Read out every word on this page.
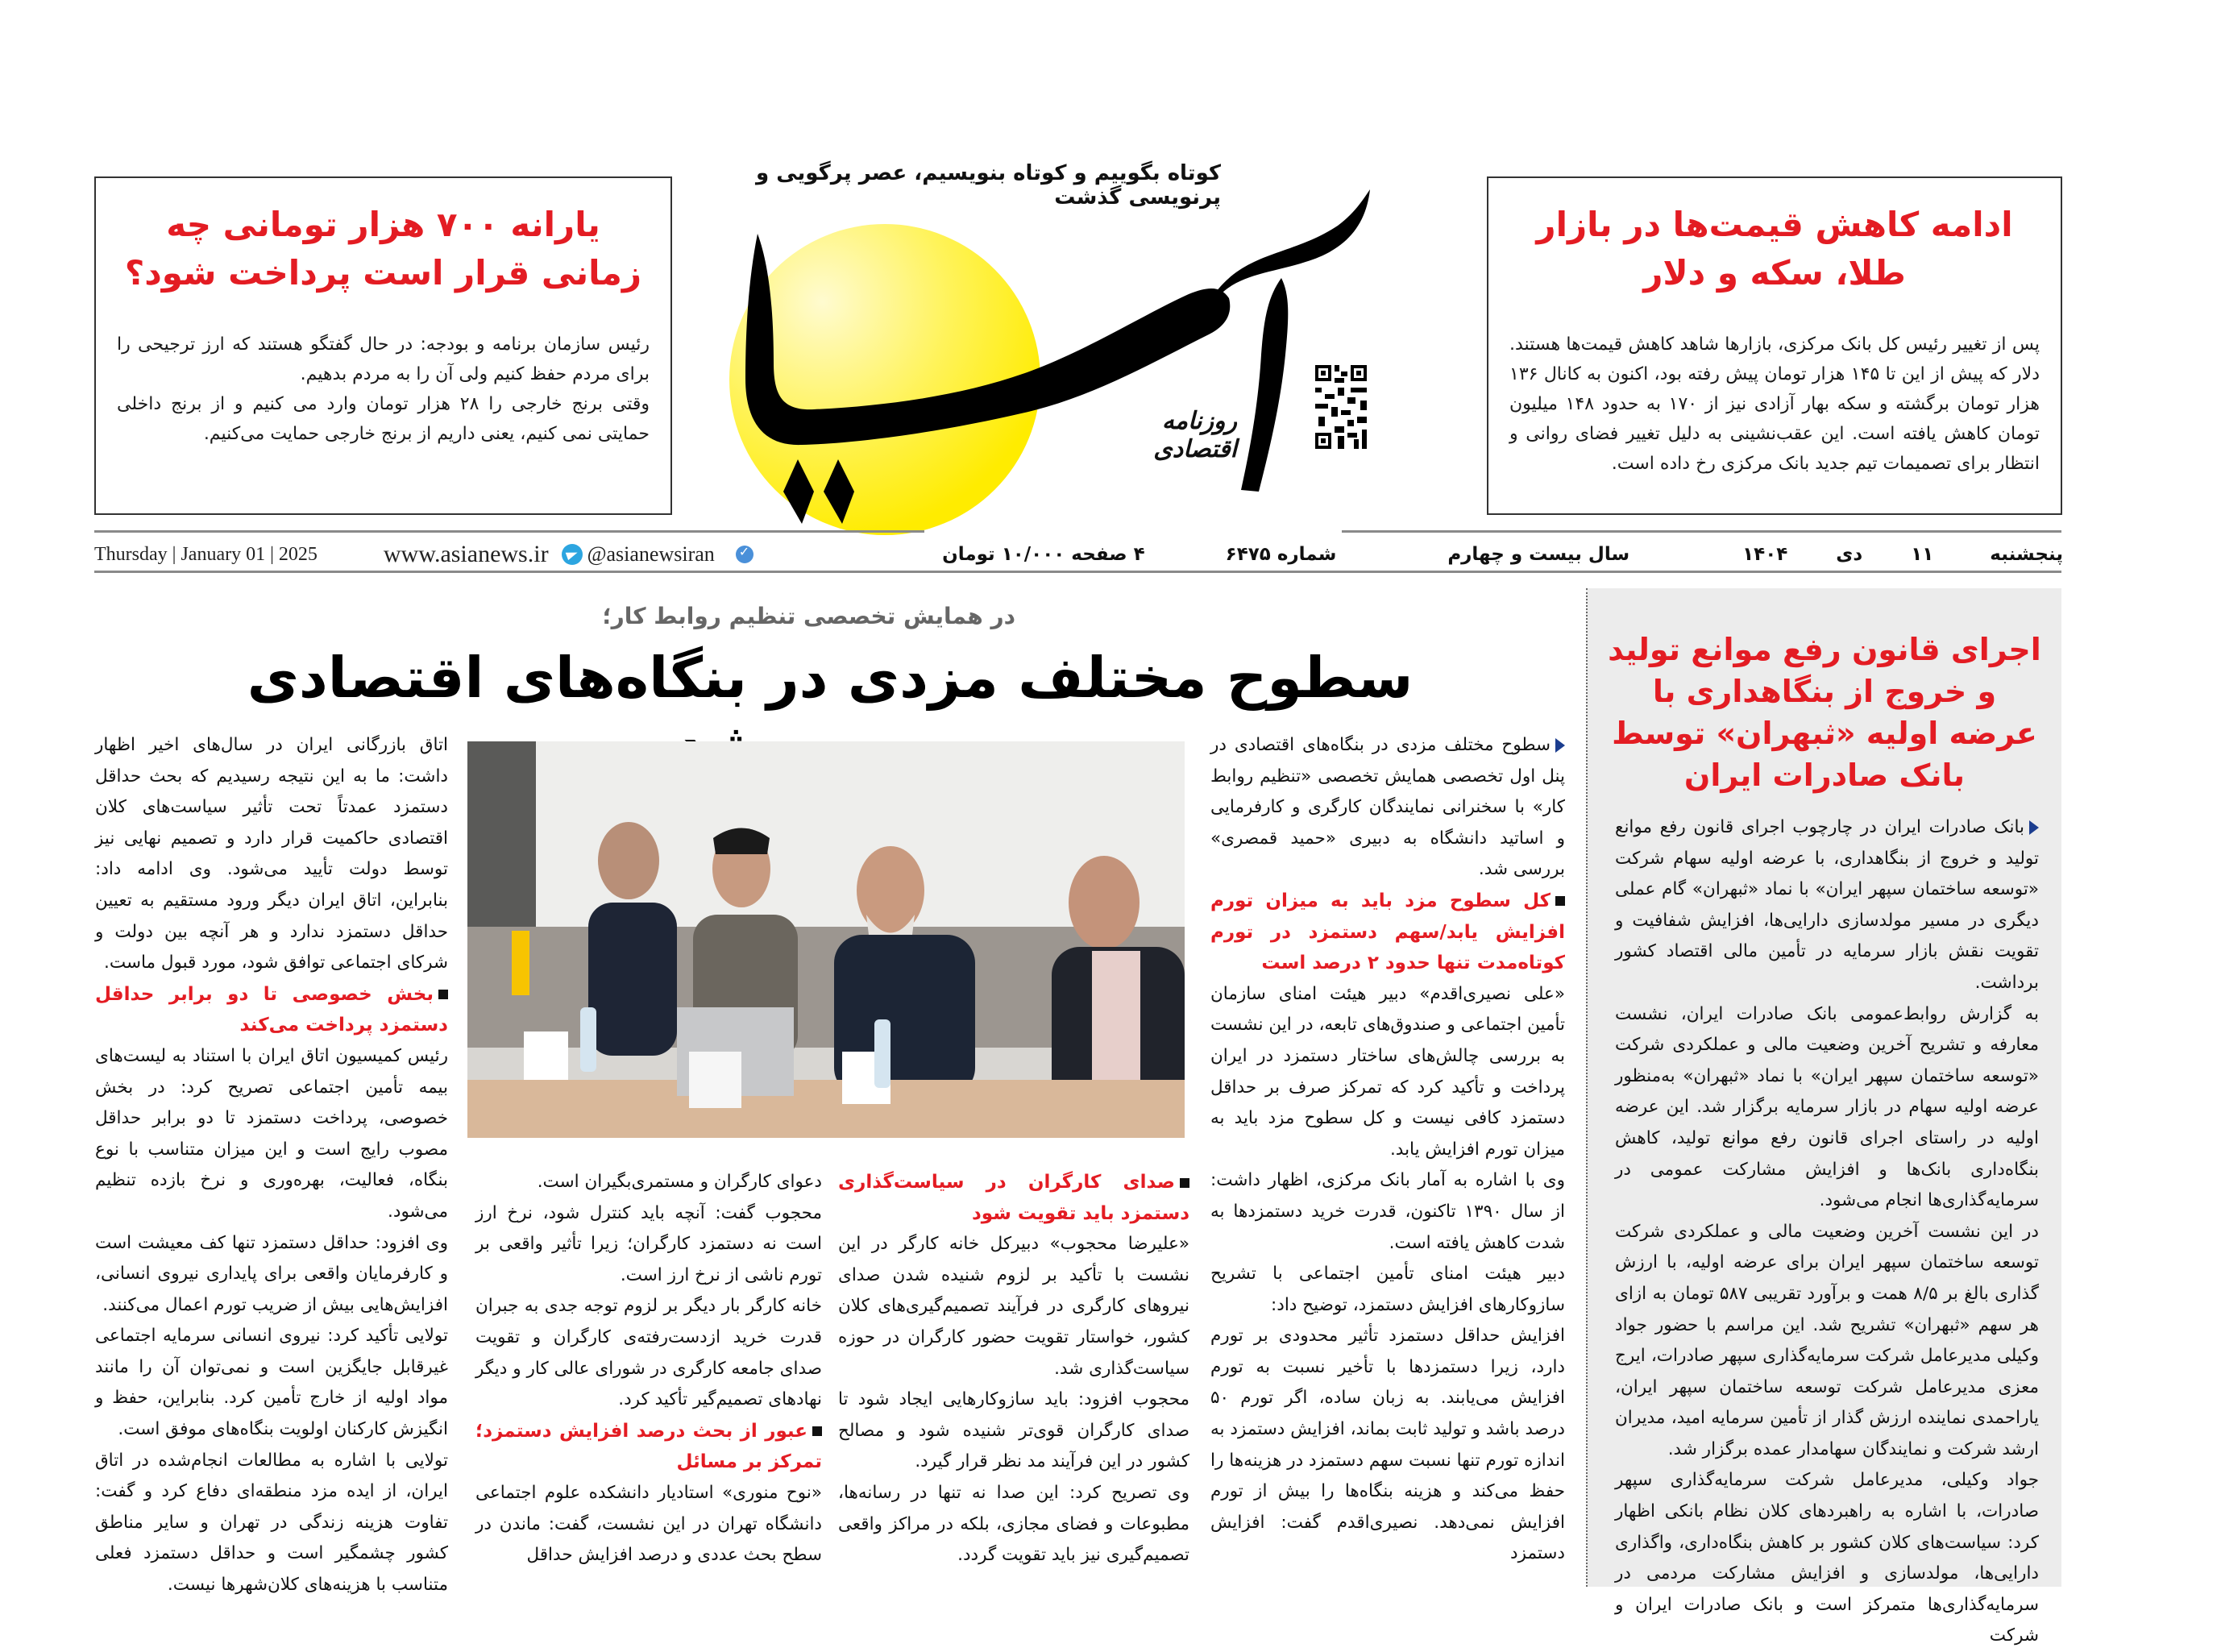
ادامه کاهش قیمت‌ها در بازار طلا، سکه و دلار
پس از تغییر رئیس کل بانک مرکزی، بازارها شاهد کاهش قیمت‌ها هستند. دلار که پیش از این تا ۱۴۵ هزار تومان پیش رفته بود، اکنون به کانال ۱۳۶ هزار تومان برگشته و سکه بهار آزادی نیز از ۱۷۰ به حدود ۱۴۸ میلیون تومان کاهش یافته است. این عقب‌نشینی به دلیل تغییر فضای روانی و انتظار برای تصمیمات تیم جدید بانک مرکزی رخ داده است.
یارانه ۷۰۰ هزار تومانی چه زمانی قرار است پرداخت شود؟
رئیس سازمان برنامه و بودجه: در حال گفتگو هستند که ارز ترجیحی را برای مردم حفظ کنیم ولی آن را به مردم بدهیم.
وقتی برنج خارجی را ۲۸ هزار تومان وارد می کنیم و از برنج داخلی حمایتی نمی کنیم، یعنی داریم از برنج خارجی حمایت می‌کنیم.
کوتاه بگوییم و کوتاه بنویسیم، عصر پرگویی و پرنویسی گذشت
روزنامه اقتصادی
Thursday | January 01 | 2025	www.asianews.ir @asianewsiran ✓	پنجشنبه
۱۱
دی
۱۴۰۴
سال بیست و چهارم
شماره ۶۴۷۵
۴ صفحه ۱۰/۰۰۰ تومان
در همایش تخصصی تنظیم روابط کار؛
سطوح مختلف مزدی در بنگاه‌های اقتصادی

سطوح مختلف مزدی در بنگاه‌های اقتصادی در پنل اول تخصصی همایش تخصصی «تنظیم روابط کار» با سخنرانی نمایندگان کارگری و کارفرمایی و اساتید دانشگاه به دبیری «حمید قمصری» بررسی شد.

کل سطوح مزد باید به میزان تورم افزایش یابد/سهم دستمزد در تورم کوتاه‌مدت تنها حدود ۲ درصد است

«علی نصیری‌اقدم» دبیر هیئت امنای سازمان تأمین اجتماعی و صندوق‌های تابعه، در این نشست به بررسی چالش‌های ساختار دستمزد در ایران پرداخت و تأکید کرد که تمرکز صرف بر حداقل دستمزد کافی نیست و کل سطوح مزد باید به میزان تورم افزایش یابد.

وی با اشاره به آمار بانک مرکزی، اظهار داشت: از سال ۱۳۹۰ تاکنون، قدرت خرید دستمزدها به شدت کاهش یافته است.

دبیر هیئت امنای تأمین اجتماعی با تشریح سازوکارهای افزایش دستمزد، توضیح داد:

افزایش حداقل دستمزد تأثیر محدودی بر تورم دارد، زیرا دستمزدها با تأخیر نسبت به تورم افزایش می‌یابند. به زبان ساده، اگر تورم ۵۰ درصد باشد و تولید ثابت بماند، افزایش دستمزد به اندازه تورم تنها نسبت سهم دستمزد در هزینه‌ها را حفظ می‌کند و هزینه بنگاه‌ها را بیش از تورم افزایش نمی‌دهد. نصیری‌اقدم گفت: افزایش دستمزد

صدای کارگران در سیاست‌گذاری دستمزد باید تقویت شود

«علیرضا محجوب» دبیرکل خانه کارگر در این نشست با تأکید بر لزوم شنیده شدن صدای نیروهای کارگری در فرآیند تصمیم‌گیری‌های کلان کشور، خواستار تقویت حضور کارگران در حوزه سیاست‌گذاری شد.

محجوب افزود: باید سازوکارهایی ایجاد شود تا صدای کارگران قوی‌تر شنیده شود و مصالح کشور در این فرآیند مد نظر قرار گیرد.

وی تصریح کرد: این صدا نه تنها در رسانه‌ها، مطبوعات و فضای مجازی، بلکه در مراکز واقعی تصمیم‌گیری نیز باید تقویت گردد.

دعوای کارگران و مستمری‌بگیران است.

محجوب گفت: آنچه باید کنترل شود، نرخ ارز است نه دستمزد کارگران؛ زیرا تأثیر واقعی بر تورم ناشی از نرخ ارز است.

خانه کارگر بار دیگر بر لزوم توجه جدی به جبران قدرت خرید ازدست‌رفته‌ی کارگران و تقویت صدای جامعه کارگری در شورای عالی کار و دیگر نهادهای تصمیم‌گیر تأکید کرد.

عبور از بحث درصد افزایش دستمزد؛ تمرکز بر مسائل

«نوح منوری» استادیار دانشکده علوم اجتماعی دانشگاه تهران در این نشست، گفت: ماندن در سطح بحث عددی و درصد افزایش حداقل

اتاق بازرگانی ایران در سال‌های اخیر اظهار داشت: ما به این نتیجه رسیدیم که بحث حداقل دستمزد عمدتاً تحت تأثیر سیاست‌های کلان اقتصادی حاکمیت قرار دارد و تصمیم نهایی نیز توسط دولت تأیید می‌شود. وی ادامه داد: بنابراین، اتاق ایران دیگر ورود مستقیم به تعیین حداقل دستمزد ندارد و هر آنچه بین دولت و شرکای اجتماعی توافق شود، مورد قبول ماست.

بخش خصوصی تا دو برابر حداقل دستمزد پرداخت می‌کند

رئیس کمیسیون اتاق ایران با استناد به لیست‌های بیمه تأمین اجتماعی تصریح کرد: در بخش خصوصی، پرداخت دستمزد تا دو برابر حداقل مصوب رایج است و این میزان متناسب با نوع بنگاه، فعالیت، بهره‌وری و نرخ بازده تنظیم می‌شود.

وی افزود: حداقل دستمزد تنها کف معیشت است و کارفرمایان واقعی برای پایداری نیروی انسانی، افزایش‌هایی بیش از ضریب تورم اعمال می‌کنند.

تولایی تأکید کرد: نیروی انسانی سرمایه اجتماعی غیرقابل جایگزین است و نمی‌توان آن را مانند مواد اولیه از خارج تأمین کرد. بنابراین، حفظ و انگیزش کارکنان اولویت بنگاه‌های موفق است.

تولایی با اشاره به مطالعات انجام‌شده در اتاق ایران، از ایده مزد منطقه‌ای دفاع کرد و گفت: تفاوت هزینه زندگی در تهران و سایر مناطق کشور چشمگیر است و حداقل دستمزد فعلی متناسب با هزینه‌های کلان‌شهرها نیست.

اجرای قانون رفع موانع تولید و خروج از بنگاهداری با عرضه اولیه «ثبهران» توسط بانک صادرات ایران

بانک صادرات ایران در چارچوب اجرای قانون رفع موانع تولید و خروج از بنگاهداری، با عرضه اولیه سهام شرکت «توسعه ساختمان سپهر ایران» با نماد «ثبهران» گام عملی دیگری در مسیر مولدسازی دارایی‌ها، افزایش شفافیت و تقویت نقش بازار سرمایه در تأمین مالی اقتصاد کشور برداشت.

به گزارش روابط‌عمومی بانک صادرات ایران، نشست معارفه و تشریح آخرین وضعیت مالی و عملکردی شرکت «توسعه ساختمان سپهر ایران» با نماد «ثبهران» به‌منظور عرضه اولیه سهام در بازار سرمایه برگزار شد. این عرضه اولیه در راستای اجرای قانون رفع موانع تولید، کاهش بنگاه‌داری بانک‌ها و افزایش مشارکت عمومی در سرمایه‌گذاری‌ها انجام می‌شود.

در این نشست آخرین وضعیت مالی و عملکردی شرکت توسعه ساختمان سپهر ایران برای عرضه اولیه، با ارزش گذاری بالغ بر ۸/۵ همت و برآورد تقریبی ۵۸۷ تومان به ازای هر سهم «ثبهران» تشریح شد. این مراسم با حضور جواد وکیلی مدیرعامل شرکت سرمایه‌گذاری سپهر صادرات، ایرج معزی مدیرعامل شرکت توسعه ساختمان سپهر ایران، یاراحمدی نماینده ارزش گذار از تأمین سرمایه امید، مدیران ارشد شرکت و نمایندگان سهامدار عمده برگزار شد.

جواد وکیلی، مدیرعامل شرکت سرمایه‌گذاری سپهر صادرات، با اشاره به راهبردهای کلان نظام بانکی اظهار کرد: سیاست‌های کلان کشور بر کاهش بنگاه‌داری، واگذاری دارایی‌ها، مولدسازی و افزایش مشارکت مردمی در سرمایه‌گذاری‌ها متمرکز است و بانک صادرات ایران و شرکت
